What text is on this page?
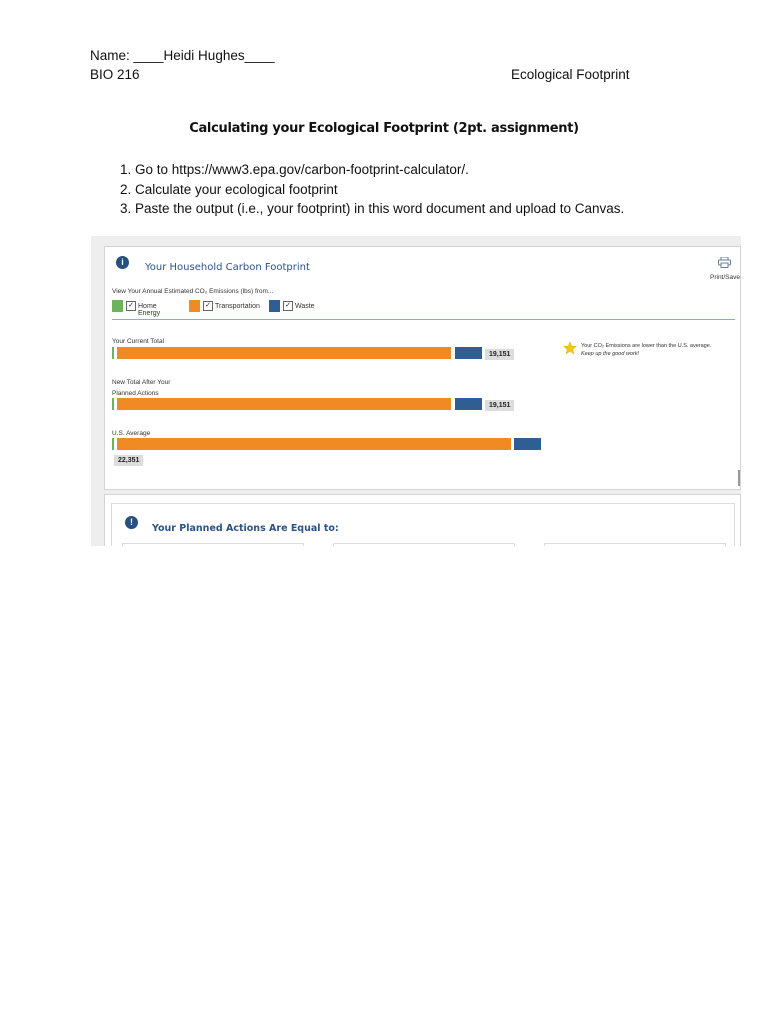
Name: ____Heidi Hughes____
BIO 216	Ecological Footprint
Calculating your Ecological Footprint (2pt. assignment)
1. Go to https://www3.epa.gov/carbon-footprint-calculator/.
2. Calculate your ecological footprint
3. Paste the output (i.e., your footprint) in this word document and upload to Canvas.
i	Your Household Carbon Footprint
Print/Save
View Your Annual Estimated CO₂ Emissions (lbs) from...
✓ Home Energy
✓ Transportation	✓ Waste
Your Current Total
19,151
New Total After Your
Planned Actions
19,151
U.S. Average
22,351
Your CO₂ Emissions are lower than the U.S. average.
Keep up the good work!
!
Your Planned Actions Are Equal to:
